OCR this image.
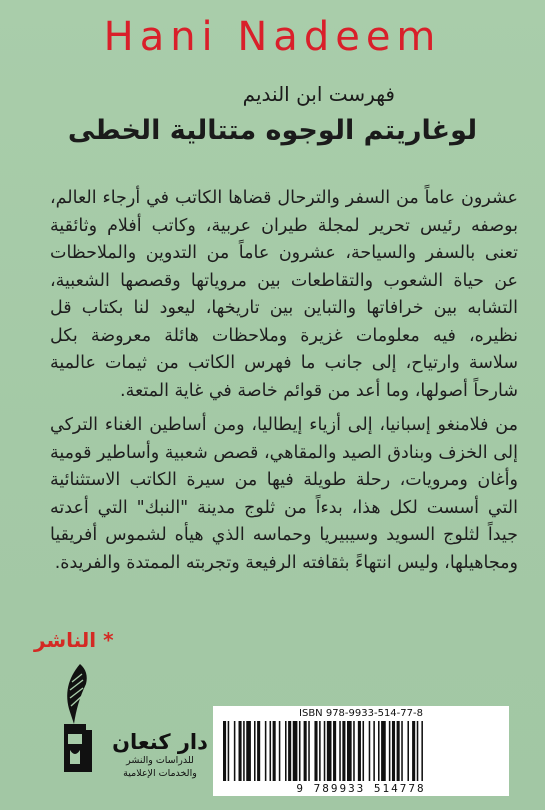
Hani Nadeem
فهرست ابن النديم
لوغاريتم الوجوه متتالية الخطى

عشرون عاماً من السفر والترحال قضاها الكاتب في أرجاء العالم، بوصفه رئيس تحرير لمجلة طيران عربية، وكاتب أفلام وثائقية تعنى بالسفر والسياحة، عشرون عاماً من التدوين والملاحظات عن حياة الشعوب والتقاطعات بين مروياتها وقصصها الشعبية، التشابه بين خرافاتها والتباين بين تاريخها، ليعود لنا بكتاب قل نظيره، فيه معلومات غزيرة وملاحظات هائلة معروضة بكل سلاسة وارتياح، إلى جانب ما فهرس الكاتب من ثيمات عالمية شارحاً أصولها، وما أعد من قوائم خاصة في غاية المتعة.

من فلامنغو إسبانيا، إلى أزياء إيطاليا، ومن أساطين الغناء التركي إلى الخزف وبنادق الصيد والمقاهي، قصص شعبية وأساطير قومية وأغان ومرويات، رحلة طويلة فيها من سيرة الكاتب الاستثنائية التي أسست لكل هذا، بدءاً من ثلوج مدينة "النبك" التي أعدته جيداً لثلوج السويد وسيبيريا وحماسه الذي هيأه لشموس أفريقيا ومجاهيلها، وليس انتهاءً بثقافته الرفيعة وتجربته الممتدة والفريدة.

* الناشر
دار كنعان
للدراسات والنشر
والخدمات الإعلامية
ISBN 978-9933-514-77-8
9 789933 514778
